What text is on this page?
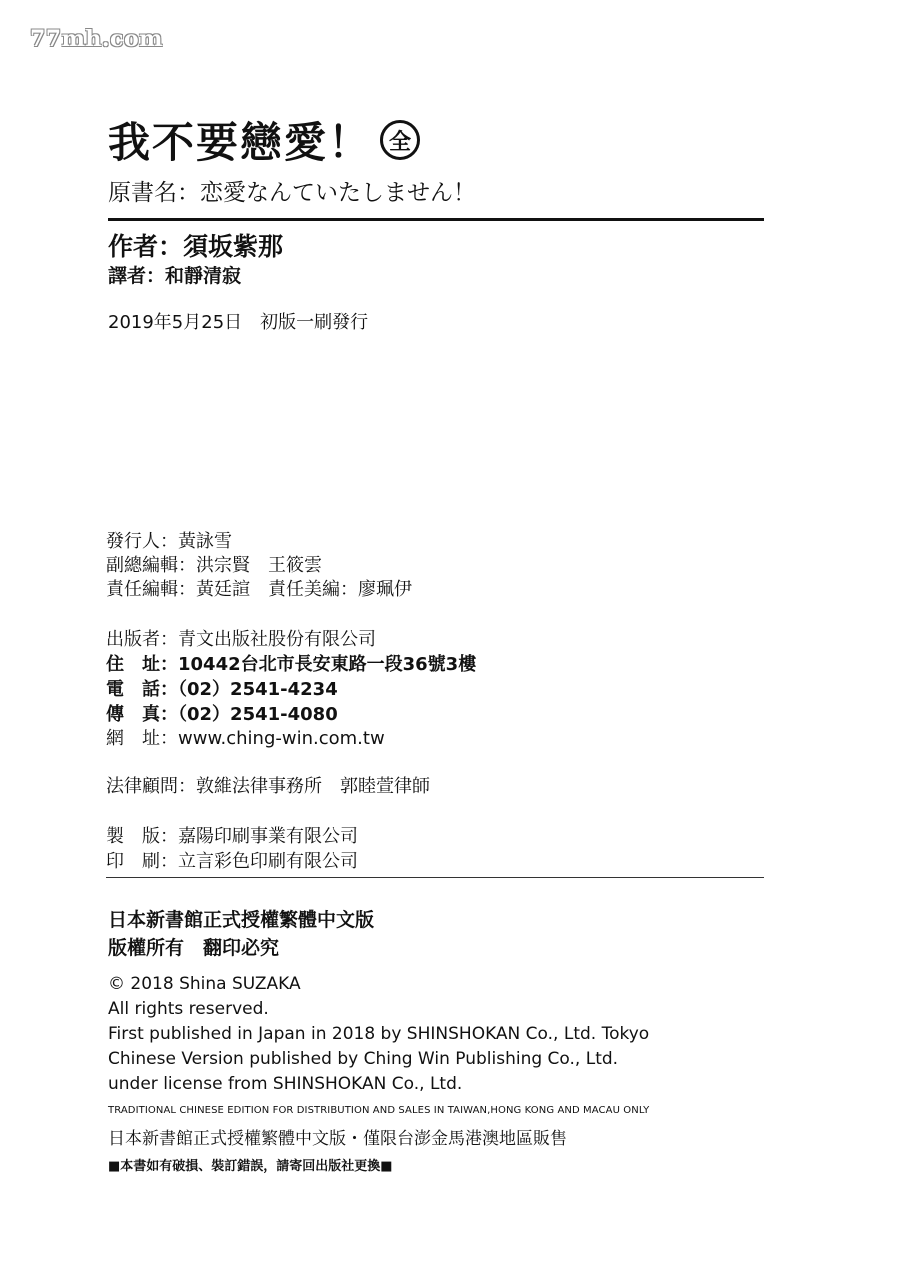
77mh.com
我不要戀愛！ 全
原書名：恋愛なんていたしません！
作者：須坂紫那
譯者：和靜清寂
2019年5月25日　初版一刷發行
發行人：黃詠雪
副總編輯：洪宗賢　王筱雲
責任編輯：黃廷諠　責任美編：廖珮伊
出版者：青文出版社股份有限公司
住　址：10442台北市長安東路一段36號3樓
電　話：（02）2541-4234
傳　真：（02）2541-4080
網　址：www.ching-win.com.tw
法律顧問：敦維法律事務所　郭睦萱律師
製　版：嘉陽印刷事業有限公司
印　刷：立言彩色印刷有限公司
日本新書館正式授權繁體中文版
版權所有　翻印必究
© 2018 Shina SUZAKA
All rights reserved.
First published in Japan in 2018 by SHINSHOKAN Co., Ltd. Tokyo
Chinese Version published by Ching Win Publishing Co., Ltd.
under license from SHINSHOKAN Co., Ltd.
TRADITIONAL CHINESE EDITION FOR DISTRIBUTION AND SALES IN TAIWAN,HONG KONG AND MACAU ONLY
日本新書館正式授權繁體中文版・僅限台澎金馬港澳地區販售
■本書如有破損、裝訂錯誤，請寄回出版社更換■
